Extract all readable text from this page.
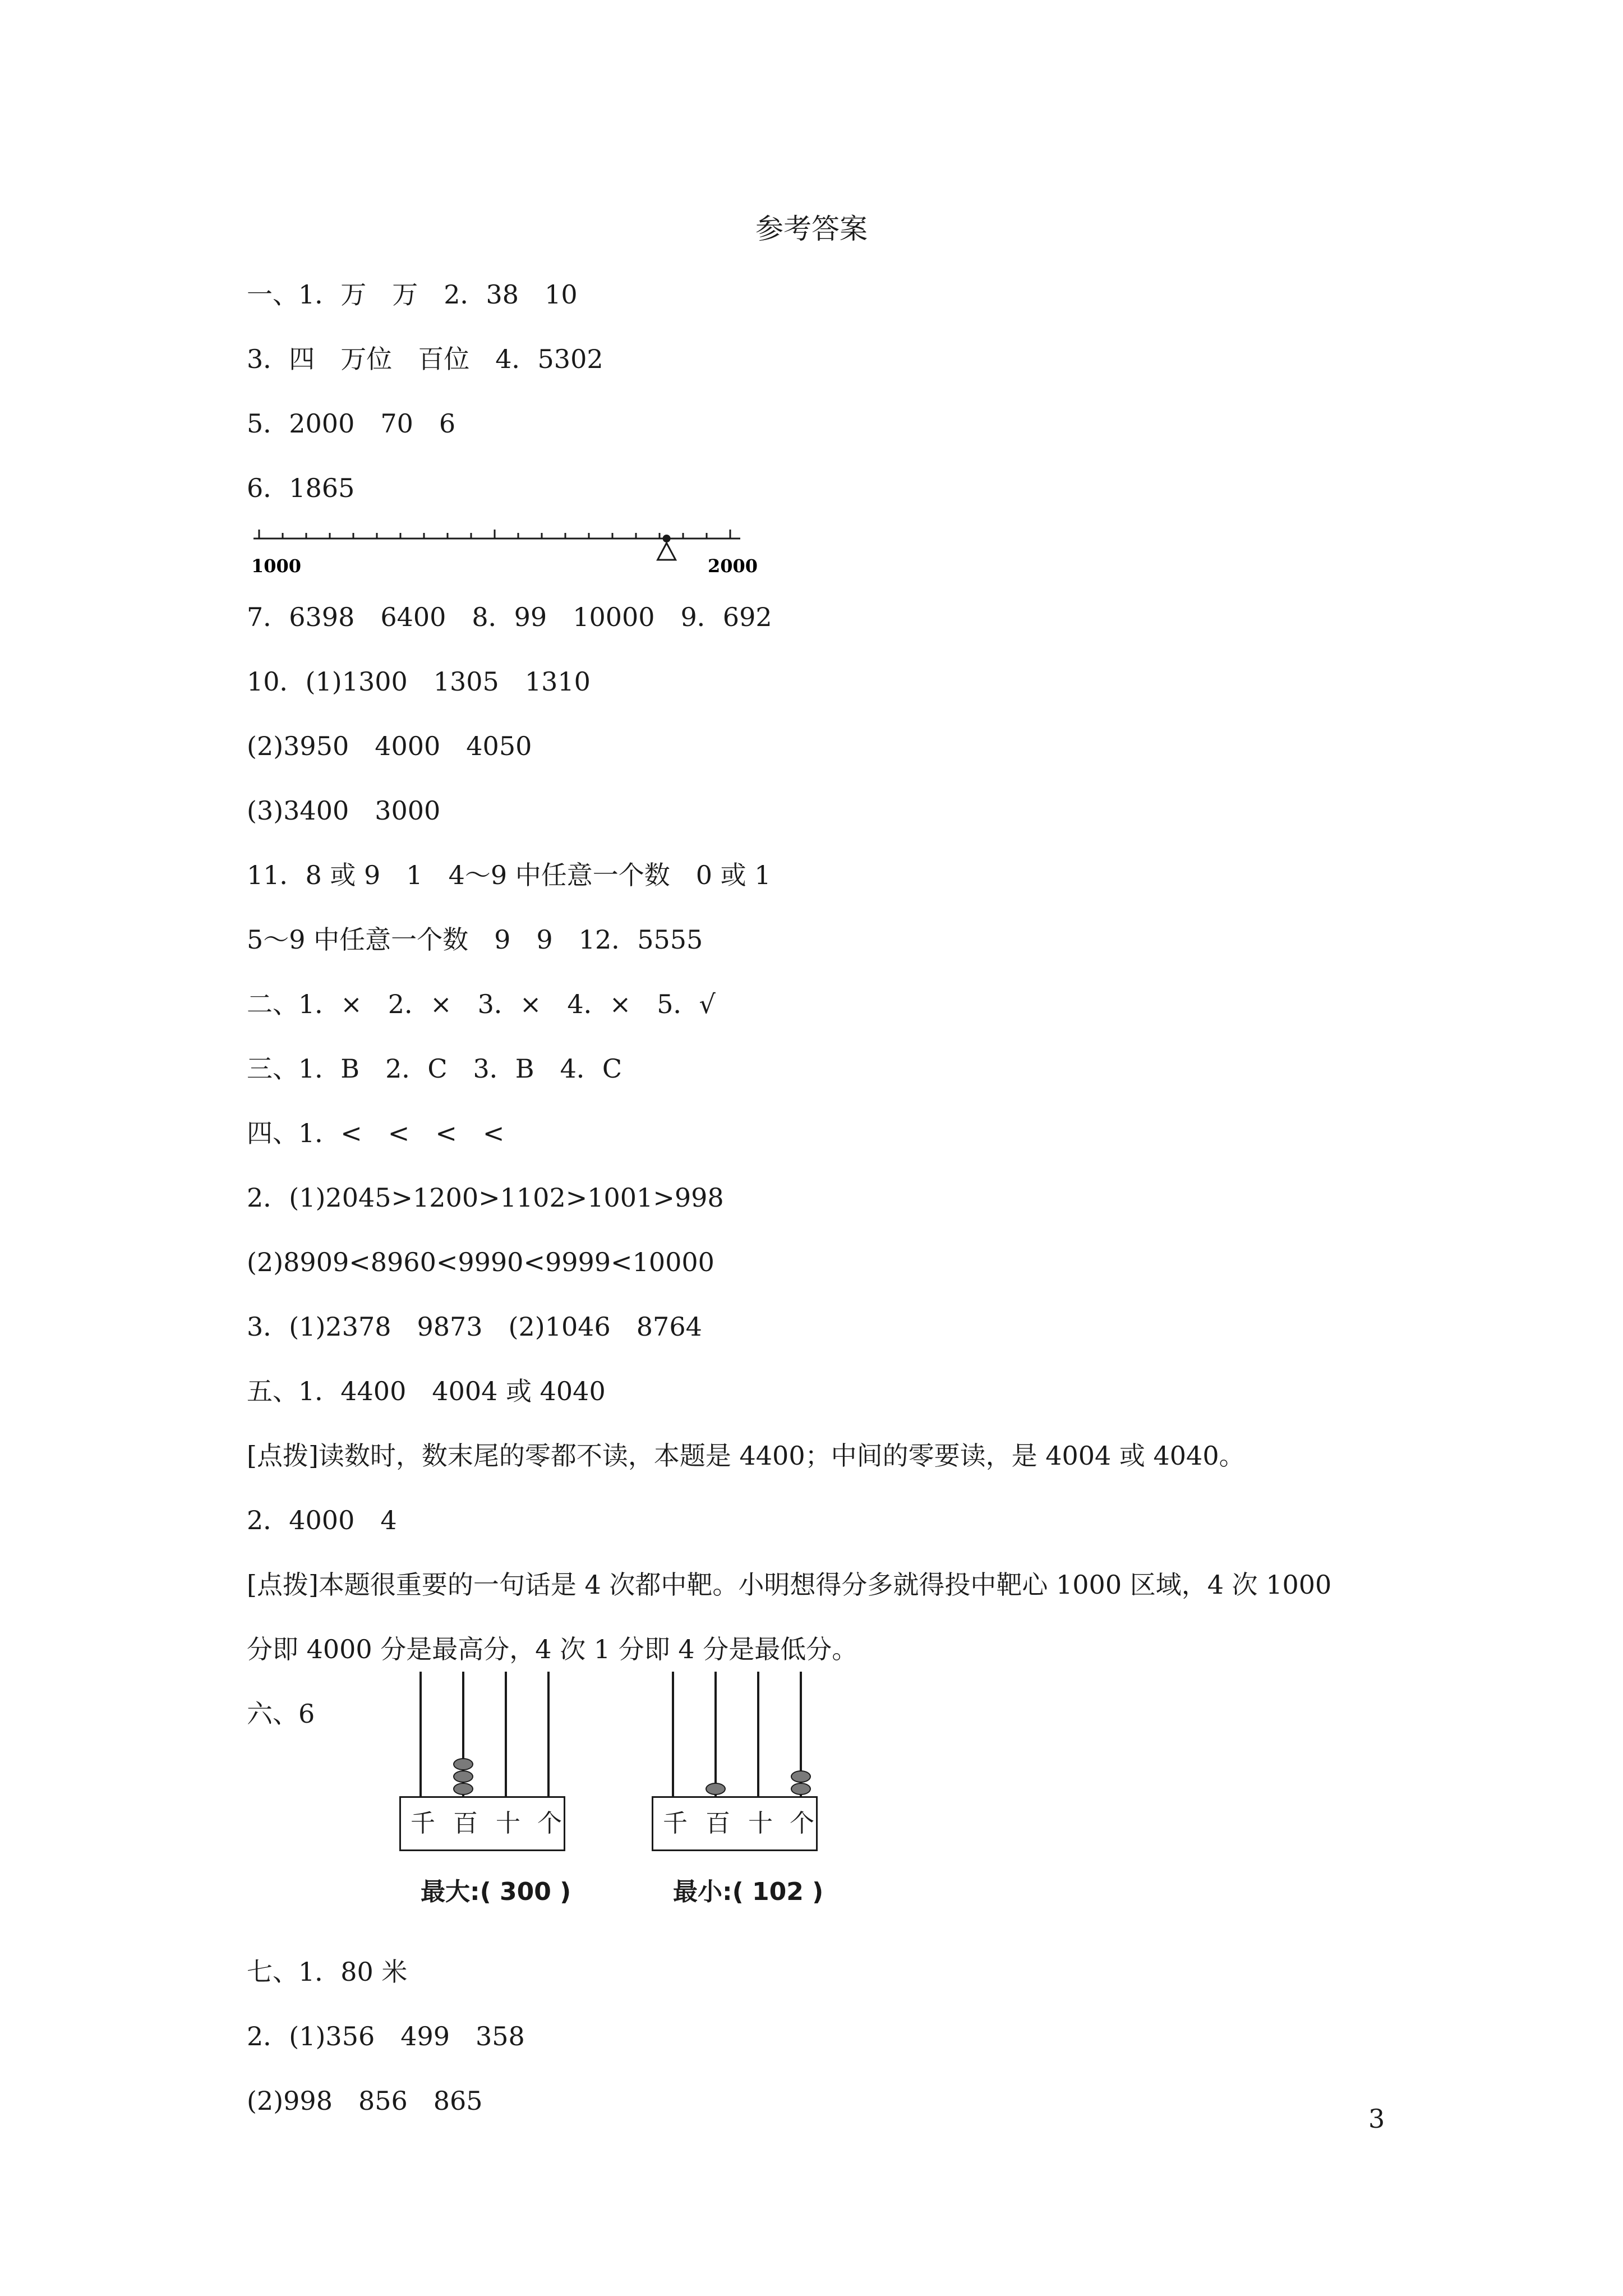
参考答案
一、1．万　万　2．38　10
3．四　万位　百位　4．5302
5．2000　70　6
6．1865
7．6398　6400　8．99　10000　9．692
10．(1)1300　1305　1310
(2)3950　4000　4050
(3)3400　3000
11．8 或 9　1　4～9 中任意一个数　0 或 1
5～9 中任意一个数　9　9　12．5555
二、1．×　2．×　3．×　4．×　5．√
三、1．B　2．C　3．B　4．C
四、1．<　<　<　<
2．(1)2045>1200>1102>1001>998
(2)8909<8960<9990<9999<10000
3．(1)2378　9873　(2)1046　8764
五、1．4400　4004 或 4040
[点拨]读数时，数末尾的零都不读，本题是 4400；中间的零要读，是 4004 或 4040。
2．4000　4
[点拨]本题很重要的一句话是 4 次都中靶。小明想得分多就得投中靶心 1000 区域，4 次 1000
分即 4000 分是最高分，4 次 1 分即 4 分是最低分。
六、6
七、1．80 米
2．(1)356　499　358
(2)998　856　865
1000	2000
千 百 十 个
最大:( 300 )
千 百 十 个
最小:( 102 )
3
